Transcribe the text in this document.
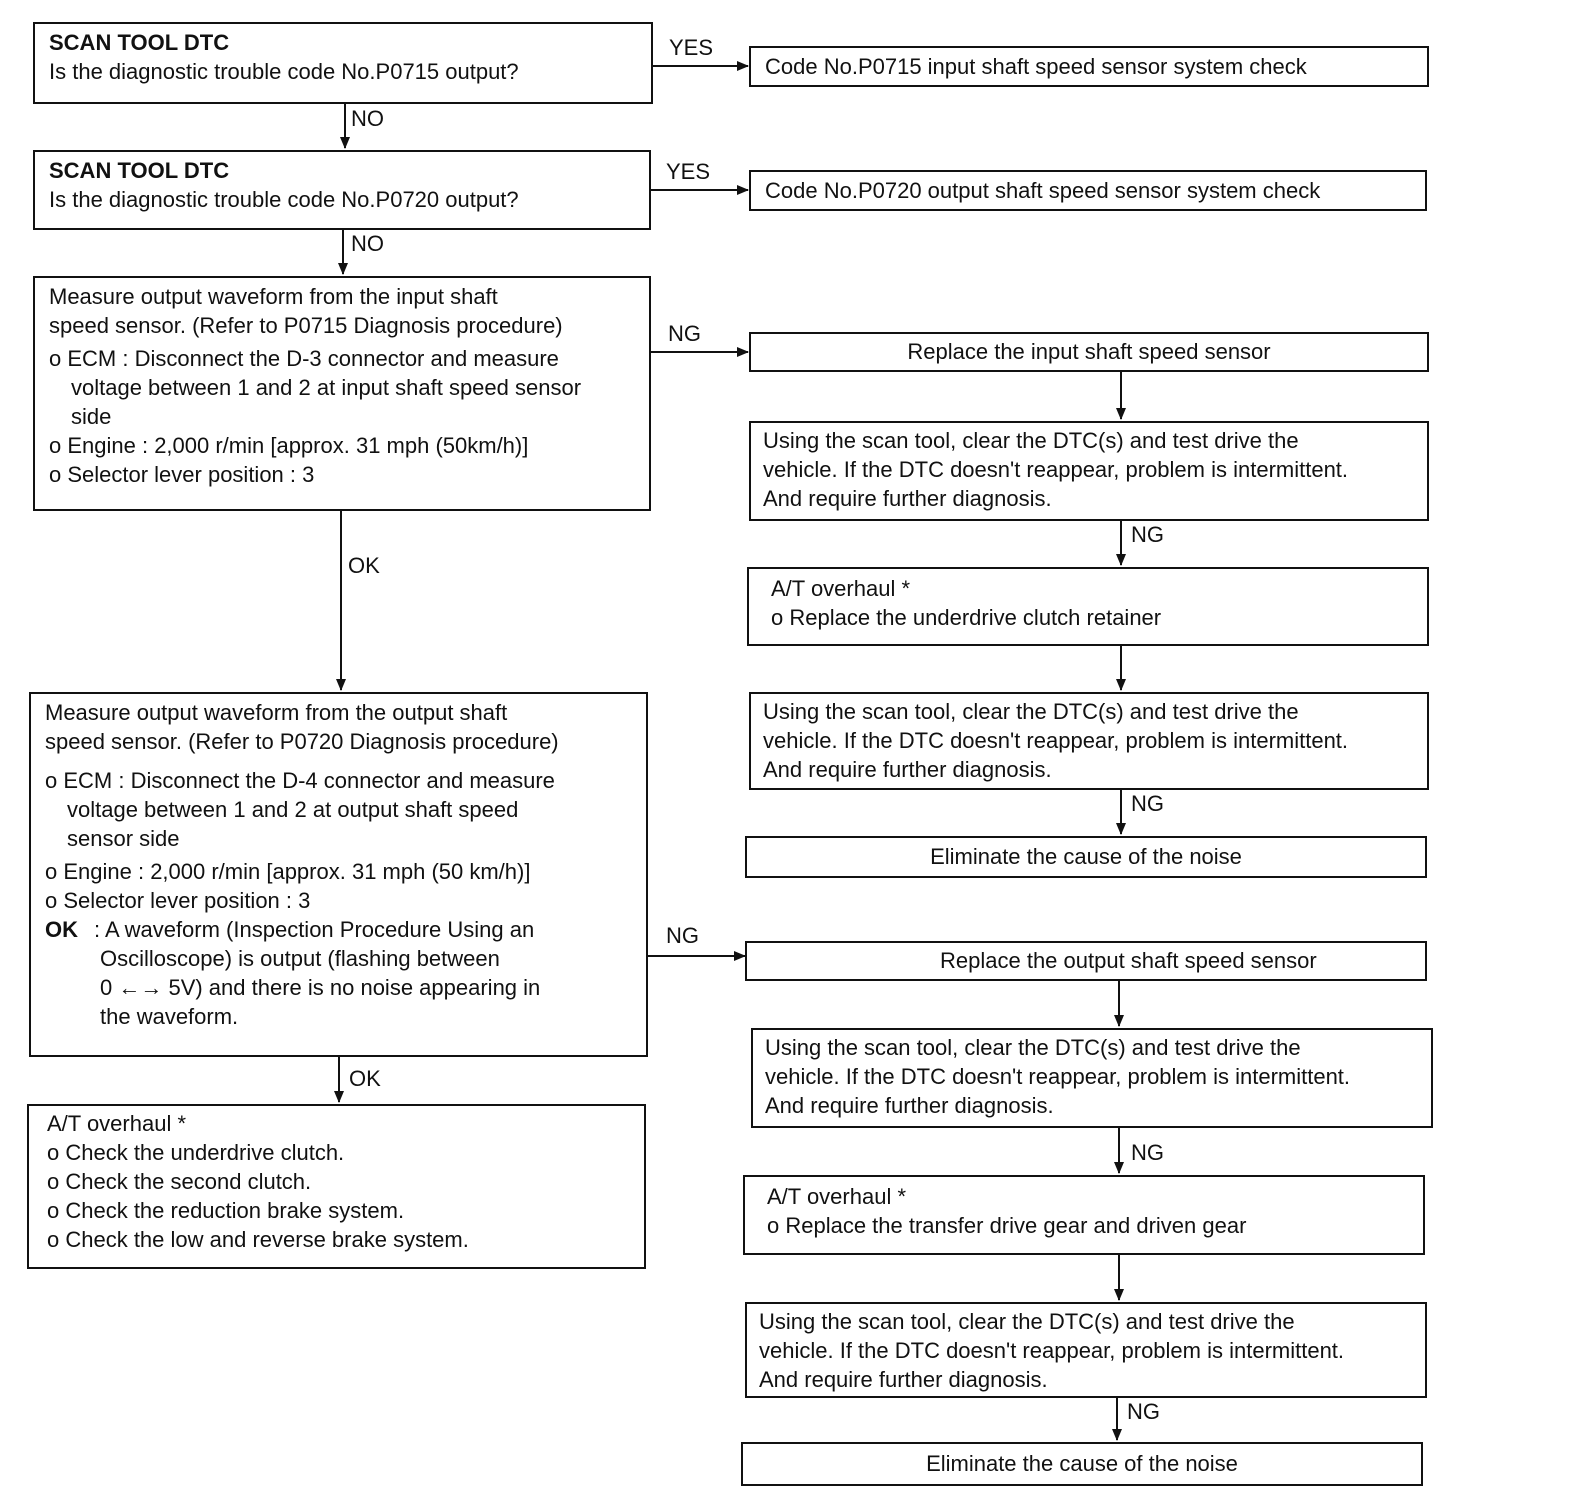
YES
NO
YES
NO
NG
NG
NG
OK
NG
OK
NG
NG
SCAN TOOL DTC
Is the diagnostic trouble code No.P0715 output?	Code No.P0715 input shaft speed sensor system check
SCAN TOOL DTC
Is the diagnostic trouble code No.P0720 output?	Code No.P0720 output shaft speed sensor system check
Measure output waveform from the input shaft
speed sensor. (Refer to P0715 Diagnosis procedure)
o ECM : Disconnect the D-3 connector and measure
voltage between 1 and 2 at input shaft speed sensor
side
o Engine : 2,000 r/min [approx. 31 mph (50km/h)]
o Selector lever position : 3
Replace the input shaft speed sensor
Using the scan tool, clear the DTC(s) and test drive the
vehicle. If the DTC doesn't reappear, problem is intermittent.
And require further diagnosis.
A/T overhaul *
o Replace the underdrive clutch retainer
Using the scan tool, clear the DTC(s) and test drive the
vehicle. If the DTC doesn't reappear, problem is intermittent.
And require further diagnosis.
Eliminate the cause of the noise
Measure output waveform from the output shaft
speed sensor. (Refer to P0720 Diagnosis procedure)
o ECM : Disconnect the D-4 connector and measure
voltage between 1 and 2 at output shaft speed
sensor side
o Engine : 2,000 r/min [approx. 31 mph (50 km/h)]
o Selector lever position : 3
OK : A waveform (Inspection Procedure Using an
Oscilloscope) is output (flashing between
0 ←→ 5V) and there is no noise appearing in
the waveform.
Replace the output shaft speed sensor
Using the scan tool, clear the DTC(s) and test drive the
vehicle. If the DTC doesn't reappear, problem is intermittent.
And require further diagnosis.
A/T overhaul *
o Replace the transfer drive gear and driven gear
Using the scan tool, clear the DTC(s) and test drive the
vehicle. If the DTC doesn't reappear, problem is intermittent.
And require further diagnosis.
Eliminate the cause of the noise
A/T overhaul *
o Check the underdrive clutch.
o Check the second clutch.
o Check the reduction brake system.
o Check the low and reverse brake system.
